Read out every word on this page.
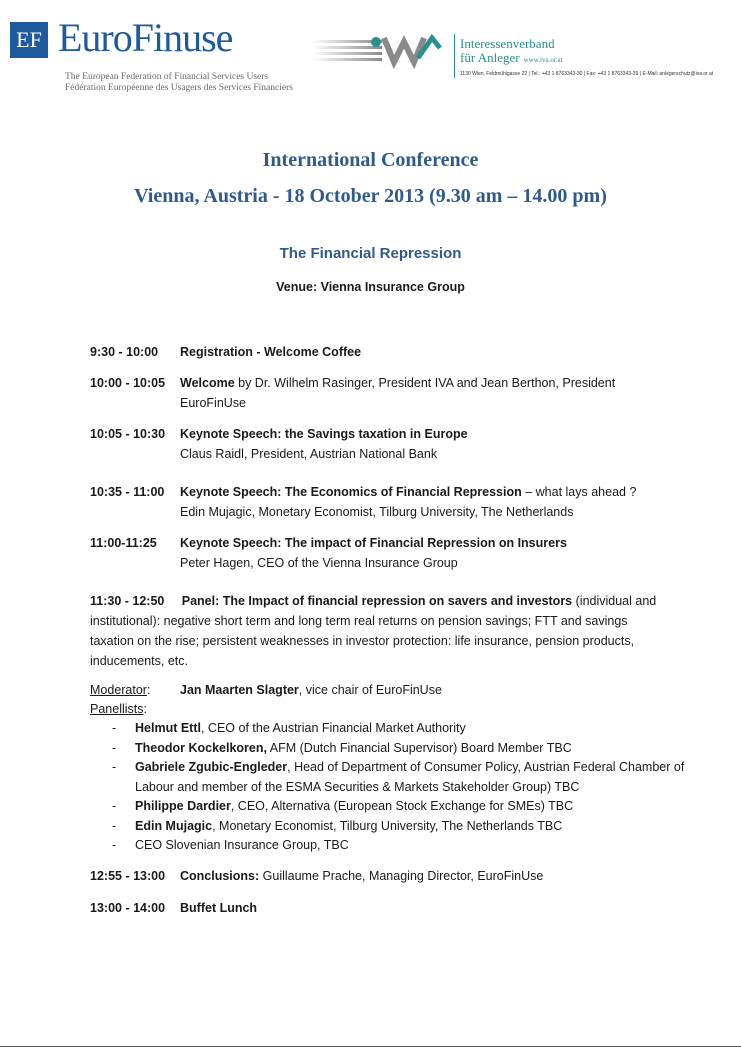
EF EuroFinuse
The European Federation of Financial Services Users
Fédération Européenne des Usagers des Services Financiers
Interessenverband
für Anleger www.iva.or.at
1130 Wien, Feldmühlgasse 22 | Tel.: +43 1 8763343-30 | Fax: +43 1 8763343-39 | E-Mail: anlegerschutz@iva.or.at
International Conference
Vienna, Austria - 18 October 2013 (9.30 am – 14.00 pm)
The Financial Repression
Venue: Vienna Insurance Group
9:30 - 10:00 Registration - Welcome Coffee
10:00 - 10:05 Welcome by Dr. Wilhelm Rasinger, President IVA and Jean Berthon, President EuroFinUse
10:05 - 10:30 Keynote Speech: the Savings taxation in Europe
Claus Raidl, President, Austrian National Bank
10:35 - 11:00 Keynote Speech: The Economics of Financial Repression – what lays ahead ?
Edin Mujagic, Monetary Economist, Tilburg University, The Netherlands
11:00-11:25 Keynote Speech: The impact of Financial Repression on Insurers
Peter Hagen, CEO of the Vienna Insurance Group
11:30 - 12:50 Panel: The Impact of financial repression on savers and investors (individual and institutional): negative short term and long term real returns on pension savings; FTT and savings taxation on the rise; persistent weaknesses in investor protection: life insurance, pension products, inducements, etc.
Moderator: Jan Maarten Slagter, vice chair of EuroFinUse
Panellists:
- Helmut Ettl, CEO of the Austrian Financial Market Authority
- Theodor Kockelkoren, AFM (Dutch Financial Supervisor) Board Member TBC
- Gabriele Zgubic-Engleder, Head of Department of Consumer Policy, Austrian Federal Chamber of Labour and member of the ESMA Securities & Markets Stakeholder Group) TBC
- Philippe Dardier, CEO, Alternativa (European Stock Exchange for SMEs) TBC
- Edin Mujagic, Monetary Economist, Tilburg University, The Netherlands TBC
- CEO Slovenian Insurance Group, TBC
12:55 - 13:00 Conclusions: Guillaume Prache, Managing Director, EuroFinUse
13:00 - 14:00 Buffet Lunch
